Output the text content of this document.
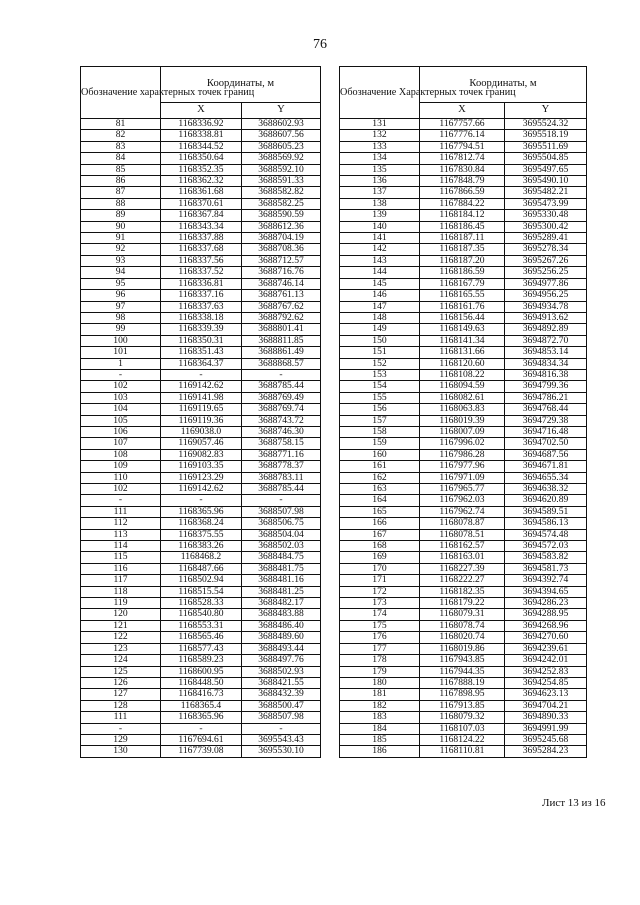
76
Обозначение характерных точек границ	Координаты, м	
	X	Y
81	1168336.92	3688602.93
82	1168338.81	3688607.56
83	1168344.52	3688605.23
84	1168350.64	3688569.92
85	1168352.35	3688592.10
86	1168362.32	3688591.33
87	1168361.68	3688582.82
88	1168370.61	3688582.25
89	1168367.84	3688590.59
90	1168343.34	3688612.36
91	1168337.88	3688704.19
92	1168337.68	3688708.36
93	1168337.56	3688712.57
94	1168337.52	3688716.76
95	1168336.81	3688746.14
96	1168337.16	3688761.13
97	1168337.63	3688767.62
98	1168338.18	3688792.62
99	1168339.39	3688801.41
100	1168350.31	3688811.85
101	1168351.43	3688861.49
1	1168364.37	3688868.57
-	-	-
102	1169142.62	3688785.44
103	1169141.98	3688769.49
104	1169119.65	3688769.74
105	1169119.36	3688743.72
106	1169038.0	3688746.30
107	1169057.46	3688758.15
108	1169082.83	3688771.16
109	1169103.35	3688778.37
110	1169123.29	3688783.11
102	1169142.62	3688785.44
-	-	-
111	1168365.96	3688507.98
112	1168368.24	3688506.75
113	1168375.55	3688504.04
114	1168383.26	3688502.03
115	1168468.2	3688484.75
116	1168487.66	3688481.75
117	1168502.94	3688481.16
118	1168515.54	3688481.25
119	1168528.33	3688482.17
120	1168540.80	3688483.88
121	1168553.31	3688486.40
122	1168565.46	3688489.60
123	1168577.43	3688493.44
124	1168589.23	3688497.76
125	1168600.95	3688502.93
126	1168448.50	3688421.55
127	1168416.73	3688432.39
128	1168365.4	3688500.47
111	1168365.96	3688507.98
-	-	-
129	1167694.61	3695543.43
130	1167739.08	3695530.10
Обозначение Характерных точек границ	Координаты, м	
	X	Y
131	1167757.66	3695524.32
132	1167776.14	3695518.19
133	1167794.51	3695511.69
134	1167812.74	3695504.85
135	1167830.84	3695497.65
136	1167848.79	3695490.10
137	1167866.59	3695482.21
138	1167884.22	3695473.99
139	1168184.12	3695330.48
140	1168186.45	3695300.42
141	1168187.11	3695289.41
142	1168187.35	3695278.34
143	1168187.20	3695267.26
144	1168186.59	3695256.25
145	1168167.79	3694977.86
146	1168165.55	3694956.25
147	1168161.76	3694934.78
148	1168156.44	3694913.62
149	1168149.63	3694892.89
150	1168141.34	3694872.70
151	1168131.66	3694853.14
152	1168120.60	3694834.34
153	1168108.22	3694816.38
154	1168094.59	3694799.36
155	1168082.61	3694786.21
156	1168063.83	3694768.44
157	1168019.39	3694729.38
158	1168007.09	3694716.48
159	1167996.02	3694702.50
160	1167986.28	3694687.56
161	1167977.96	3694671.81
162	1167971.09	3694655.34
163	1167965.77	3694638.32
164	1167962.03	3694620.89
165	1167962.74	3694589.51
166	1168078.87	3694586.13
167	1168078.51	3694574.48
168	1168162.57	3694572.03
169	1168163.01	3694583.82
170	1168227.39	3694581.73
171	1168222.27	3694392.74
172	1168182.35	3694394.65
173	1168179.22	3694286.23
174	1168079.31	3694288.95
175	1168078.74	3694268.96
176	1168020.74	3694270.60
177	1168019.86	3694239.61
178	1167943.85	3694242.01
179	1167944.35	3694252.83
180	1167888.19	3694254.85
181	1167898.95	3694623.13
182	1167913.85	3694704.21
183	1168079.32	3694890.33
184	1168107.03	3694991.99
185	1168124.22	3695245.68
186	1168110.81	3695284.23
Лист 13 из 16
